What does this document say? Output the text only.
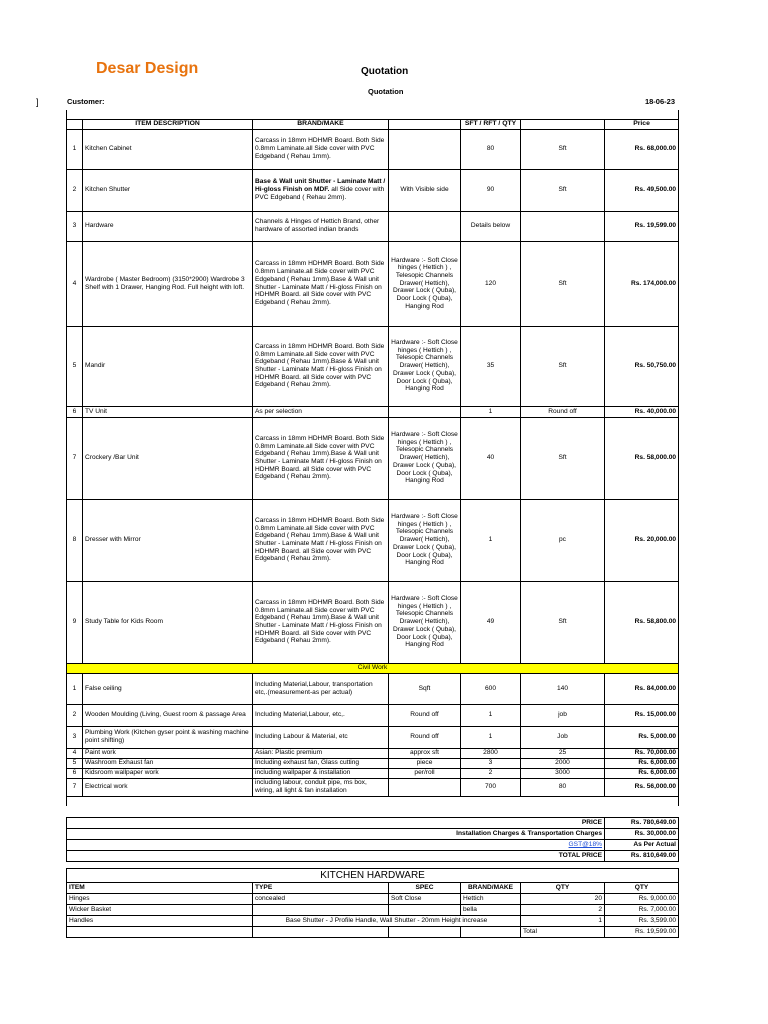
Desar Design	Quotation
Quotation
]	Customer:	18-06-23

	ITEM DESCRIPTION	BRAND/MAKE		SFT / RFT / QTY		Price
1	Kitchen Cabinet	Carcass in 18mm HDHMR Board. Both Side 0.8mm Laminate.all Side cover with PVC Edgeband ( Rehau 1mm).		80	Sft	Rs. 68,000.00
2	Kitchen Shutter	Base & Wall unit Shutter - Laminate Matt / Hi-gloss Finish on MDF. all Side cover with PVC Edgeband ( Rehau 2mm).	With Visible side	90	Sft	Rs. 49,500.00
3	Hardware	Channels & Hinges of Hettich Brand, other hardware of assorted indian brands		Details below		Rs. 19,599.00
4	Wardrobe ( Master Bedroom) (3150*2900) Wardrobe 3 Shelf with 1 Drawer, Hanging Rod. Full height with loft.	Carcass in 18mm HDHMR Board. Both Side 0.8mm Laminate.all Side cover with PVC Edgeband ( Rehau 1mm).Base & Wall unit Shutter - Laminate Matt / Hi-gloss Finish on HDHMR Board. all Side cover with PVC Edgeband ( Rehau 2mm).	Hardware :- Soft Close hinges ( Hettich ) , Telesopic Channels Drawer( Hettich), Drawer Lock ( Quba), Door Lock ( Quba), Hanging Rod	120	Sft	Rs. 174,000.00
5	Mandir	Carcass in 18mm HDHMR Board. Both Side 0.8mm Laminate.all Side cover with PVC Edgeband ( Rehau 1mm).Base & Wall unit Shutter - Laminate Matt / Hi-gloss Finish on HDHMR Board. all Side cover with PVC Edgeband ( Rehau 2mm).	Hardware :- Soft Close hinges ( Hettich ) , Telesopic Channels Drawer( Hettich), Drawer Lock ( Quba), Door Lock ( Quba), Hanging Rod	35	Sft	Rs. 50,750.00
6	TV Unit	As per selection		1	Round off	Rs. 40,000.00
7	Crockery /Bar Unit	Carcass in 18mm HDHMR Board. Both Side 0.8mm Laminate.all Side cover with PVC Edgeband ( Rehau 1mm).Base & Wall unit Shutter - Laminate Matt / Hi-gloss Finish on HDHMR Board. all Side cover with PVC Edgeband ( Rehau 2mm).	Hardware :- Soft Close hinges ( Hettich ) , Telesopic Channels Drawer( Hettich), Drawer Lock ( Quba), Door Lock ( Quba), Hanging Rod	40	Sft	Rs. 58,000.00
8	Dresser with Mirror	Carcass in 18mm HDHMR Board. Both Side 0.8mm Laminate.all Side cover with PVC Edgeband ( Rehau 1mm).Base & Wall unit Shutter - Laminate Matt / Hi-gloss Finish on HDHMR Board. all Side cover with PVC Edgeband ( Rehau 2mm).	Hardware :- Soft Close hinges ( Hettich ) , Telesopic Channels Drawer( Hettich), Drawer Lock ( Quba), Door Lock ( Quba), Hanging Rod	1	pc	Rs. 20,000.00
9	Study Table for Kids Room	Carcass in 18mm HDHMR Board. Both Side 0.8mm Laminate.all Side cover with PVC Edgeband ( Rehau 1mm).Base & Wall unit Shutter - Laminate Matt / Hi-gloss Finish on HDHMR Board. all Side cover with PVC Edgeband ( Rehau 2mm).	Hardware :- Soft Close hinges ( Hettich ) , Telesopic Channels Drawer( Hettich), Drawer Lock ( Quba), Door Lock ( Quba), Hanging Rod	49	Sft	Rs. 58,800.00
Civil Work						
1	False ceiling	Including Material,Labour, transportation etc,.(measurement-as per actual)	Sqft	600	140	Rs. 84,000.00
2	Wooden Moulding (Living, Guest room & passage Area	Including Material,Labour, etc,.	Round off	1	job	Rs. 15,000.00
3	Plumbing Work (Kitchen gyser point & washing machine point shifting)	Including Labour & Material, etc	Round off	1	Job	Rs. 5,000.00
4	Paint work	Asian: Plastic premium	approx sft	2800	25	Rs. 70,000.00
5	Washroom Exhaust fan	Including exhaust fan, Glass cutting	piece	3	2000	Rs. 6,000.00
6	Kidsroom wallpaper work	including wallpaper & installation	per/roll	2	3000	Rs. 6,000.00
7	Electrical work	including labour, conduit pipe, ms box, wiring, all light & fan installation		700	80	Rs. 56,000.00

PRICE	Rs. 780,649.00
Installation Charges & Transportation Charges	Rs. 30,000.00
GST@18%	As Per Actual
TOTAL PRICE	Rs. 810,649.00
KITCHEN HARDWARE					
ITEM	TYPE	SPEC	BRAND/MAKE	QTY	QTY
Hinges	concealed	Soft Close	Hettich	20	Rs. 9,000.00
Wicker Basket			bella	2	Rs. 7,000.00
Handles	Base Shutter - J Profile Handle, Wall Shutter - 20mm Height increase			1	Rs. 3,599.00
				Total	Rs. 19,599.00
